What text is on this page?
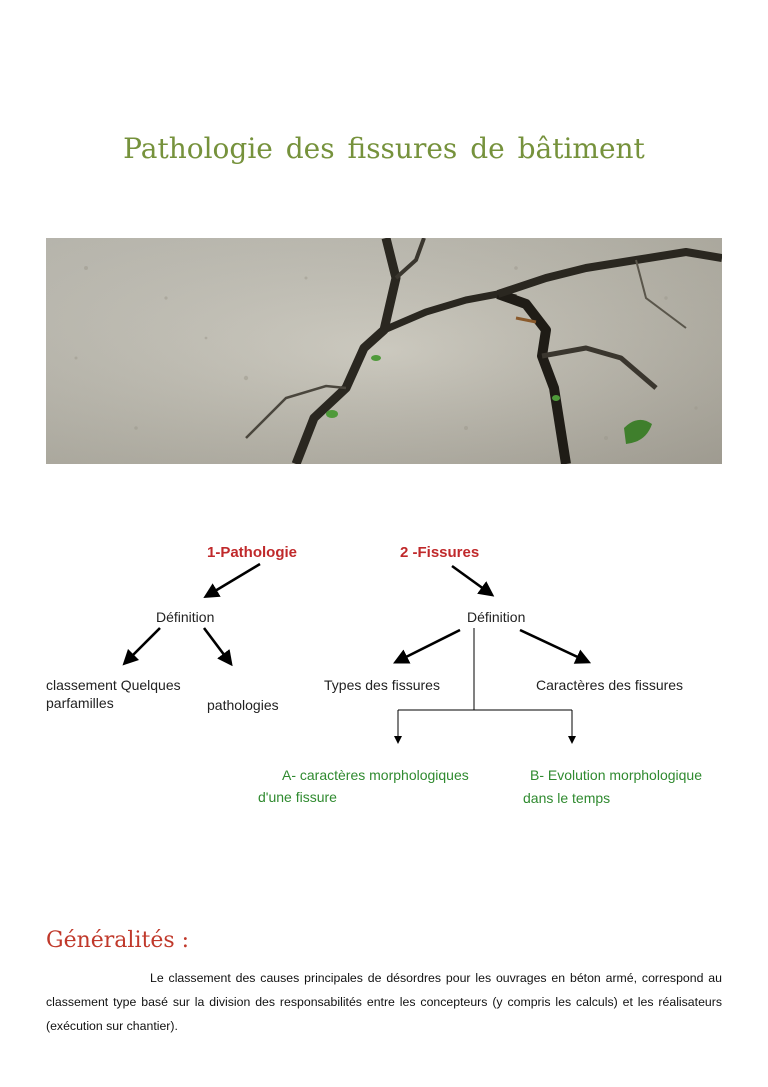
Pathologie des fissures de bâtiment
1-Pathologie	2 -Fissures
Définition	Définition
classement Quelques
parfamilles	pathologies
Types des fissures	Caractères des fissures
A- caractères morphologiques
d'une fissure
B- Evolution morphologique
dans le temps
Généralités :
Le classement des causes principales de désordres pour les ouvrages en béton armé, correspond au classement type basé sur la division des responsabilités entre les concepteurs (y compris les calculs) et les réalisateurs (exécution sur chantier).
